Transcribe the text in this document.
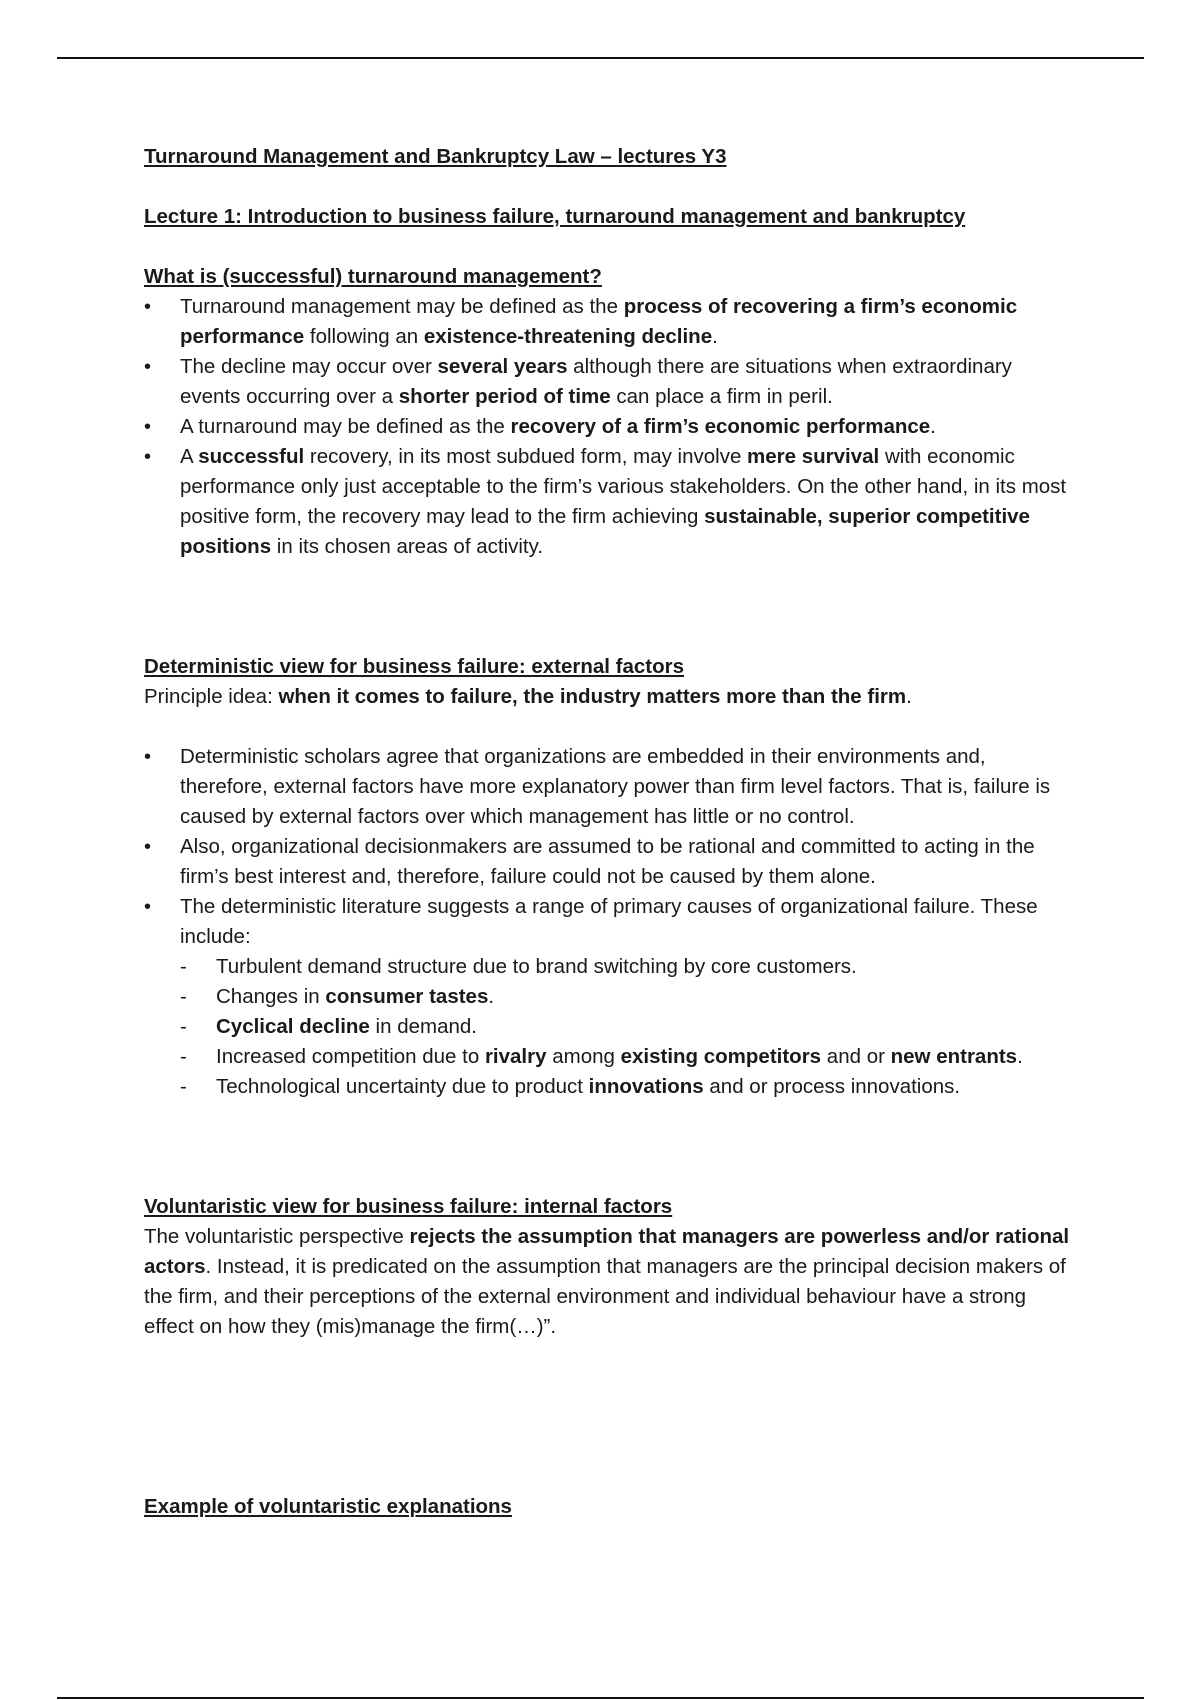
Turnaround Management and Bankruptcy Law – lectures Y3

Lecture 1: Introduction to business failure, turnaround management and bankruptcy

What is (successful) turnaround management?

• Turnaround management may be defined as the process of recovering a firm’s economic performance following an existence-threatening decline.
• The decline may occur over several years although there are situations when extraordinary events occurring over a shorter period of time can place a firm in peril.
• A turnaround may be defined as the recovery of a firm’s economic performance.
• A successful recovery, in its most subdued form, may involve mere survival with economic performance only just acceptable to the firm’s various stakeholders. On the other hand, in its most positive form, the recovery may lead to the firm achieving sustainable, superior competitive positions in its chosen areas of activity.

Deterministic view for business failure: external factors

Principle idea: when it comes to failure, the industry matters more than the firm.

• Deterministic scholars agree that organizations are embedded in their environments and, therefore, external factors have more explanatory power than firm level factors. That is, failure is caused by external factors over which management has little or no control.
• Also, organizational decisionmakers are assumed to be rational and committed to acting in the firm’s best interest and, therefore, failure could not be caused by them alone.
• The deterministic literature suggests a range of primary causes of organizational failure. These include:
- Turbulent demand structure due to brand switching by core customers.
- Changes in consumer tastes.
- Cyclical decline in demand.
- Increased competition due to rivalry among existing competitors and or new entrants.
- Technological uncertainty due to product innovations and or process innovations.

Voluntaristic view for business failure: internal factors

The voluntaristic perspective rejects the assumption that managers are powerless and/or rational actors. Instead, it is predicated on the assumption that managers are the principal decision makers of the firm, and their perceptions of the external environment and individual behaviour have a strong effect on how they (mis)manage the firm(…)”.

Example of voluntaristic explanations
